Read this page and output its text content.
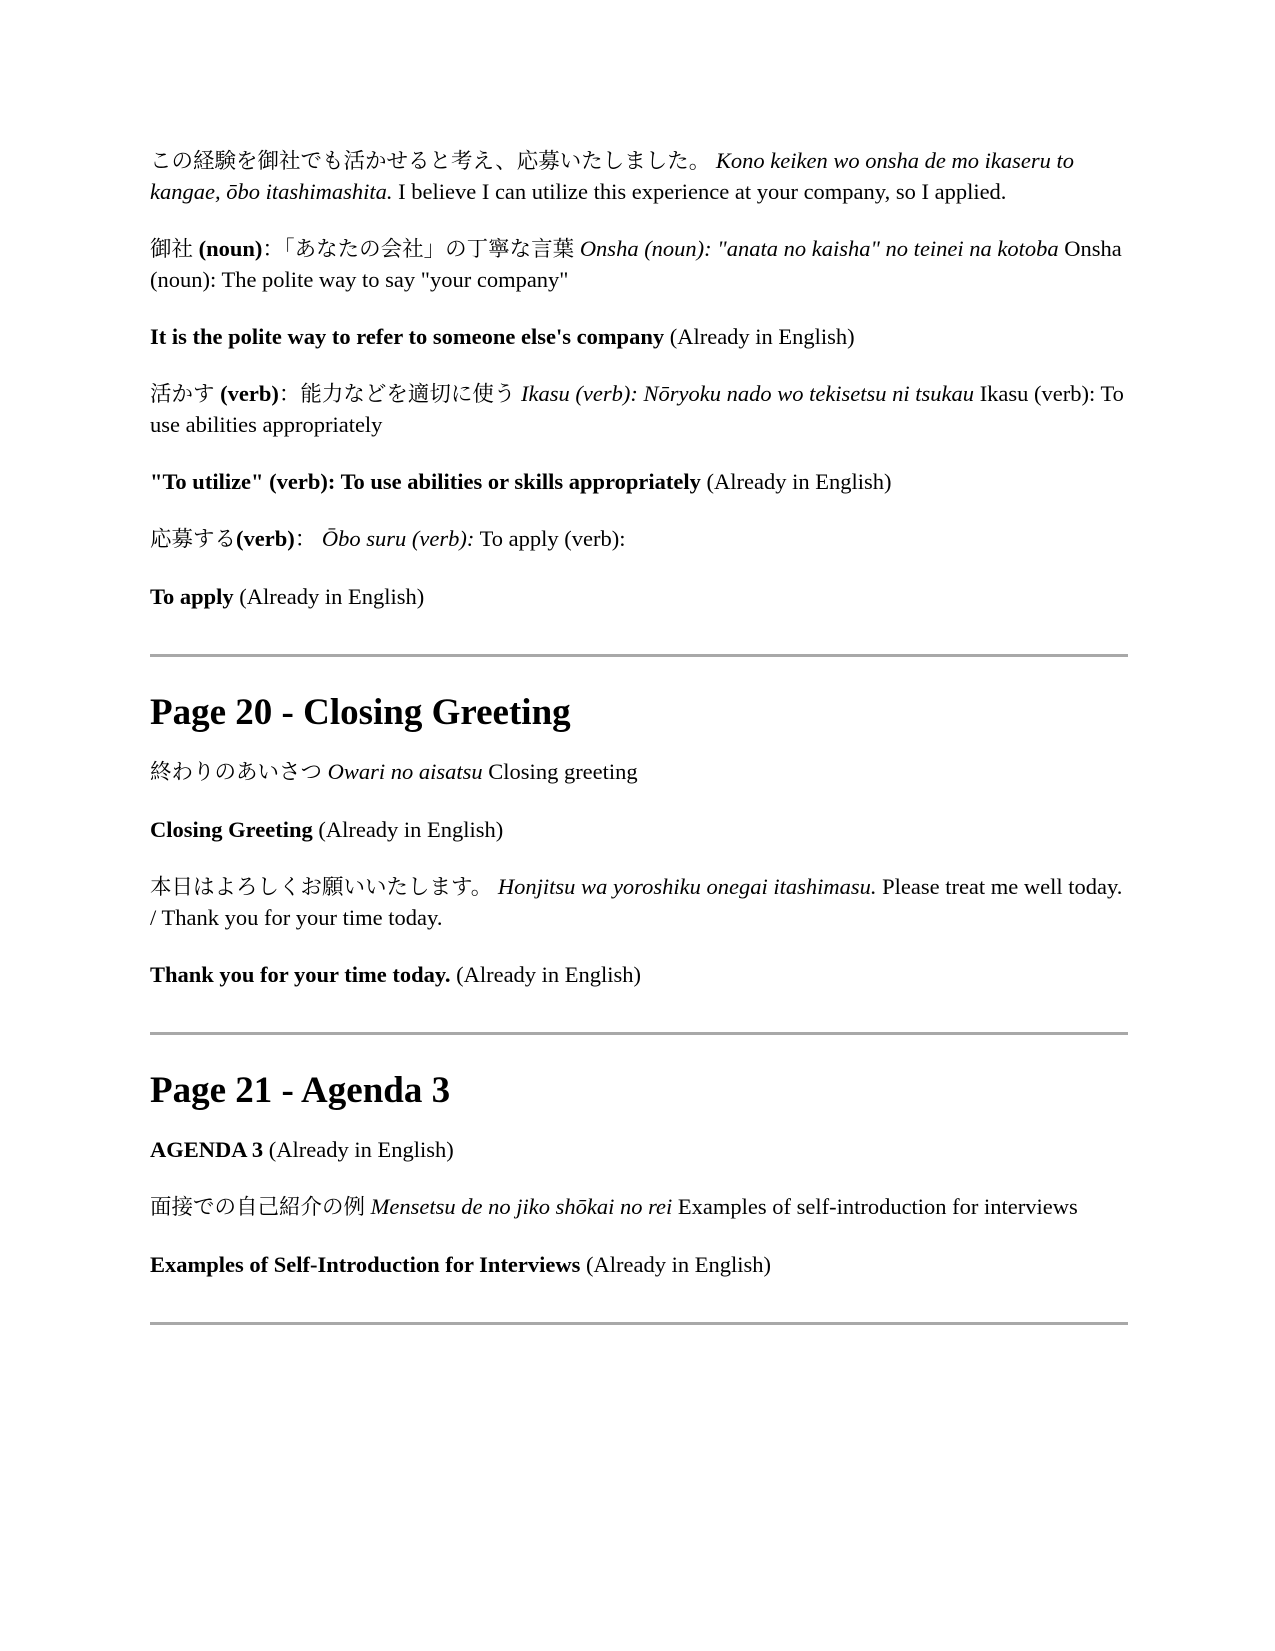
この経験を御社でも活かせると考え、応募いたしました。 Kono keiken wo onsha de mo ikaseru to kangae, ōbo itashimashita. I believe I can utilize this experience at your company, so I applied.

御社 (noun)：「あなたの会社」の丁寧な言葉 Onsha (noun): "anata no kaisha" no teinei na kotoba Onsha (noun): The polite way to say "your company"

It is the polite way to refer to someone else's company (Already in English)

活かす (verb)：能力などを適切に使う Ikasu (verb): Nōryoku nado wo tekisetsu ni tsukau Ikasu (verb): To use abilities appropriately

"To utilize" (verb): To use abilities or skills appropriately (Already in English)

応募する(verb)： Ōbo suru (verb): To apply (verb):

To apply (Already in English)

Page 20 - Closing Greeting

終わりのあいさつ Owari no aisatsu Closing greeting

Closing Greeting (Already in English)

本日はよろしくお願いいたします。 Honjitsu wa yoroshiku onegai itashimasu. Please treat me well today. / Thank you for your time today.

Thank you for your time today. (Already in English)

Page 21 - Agenda 3

AGENDA 3 (Already in English)

面接での自己紹介の例 Mensetsu de no jiko shōkai no rei Examples of self-introduction for interviews

Examples of Self-Introduction for Interviews (Already in English)
